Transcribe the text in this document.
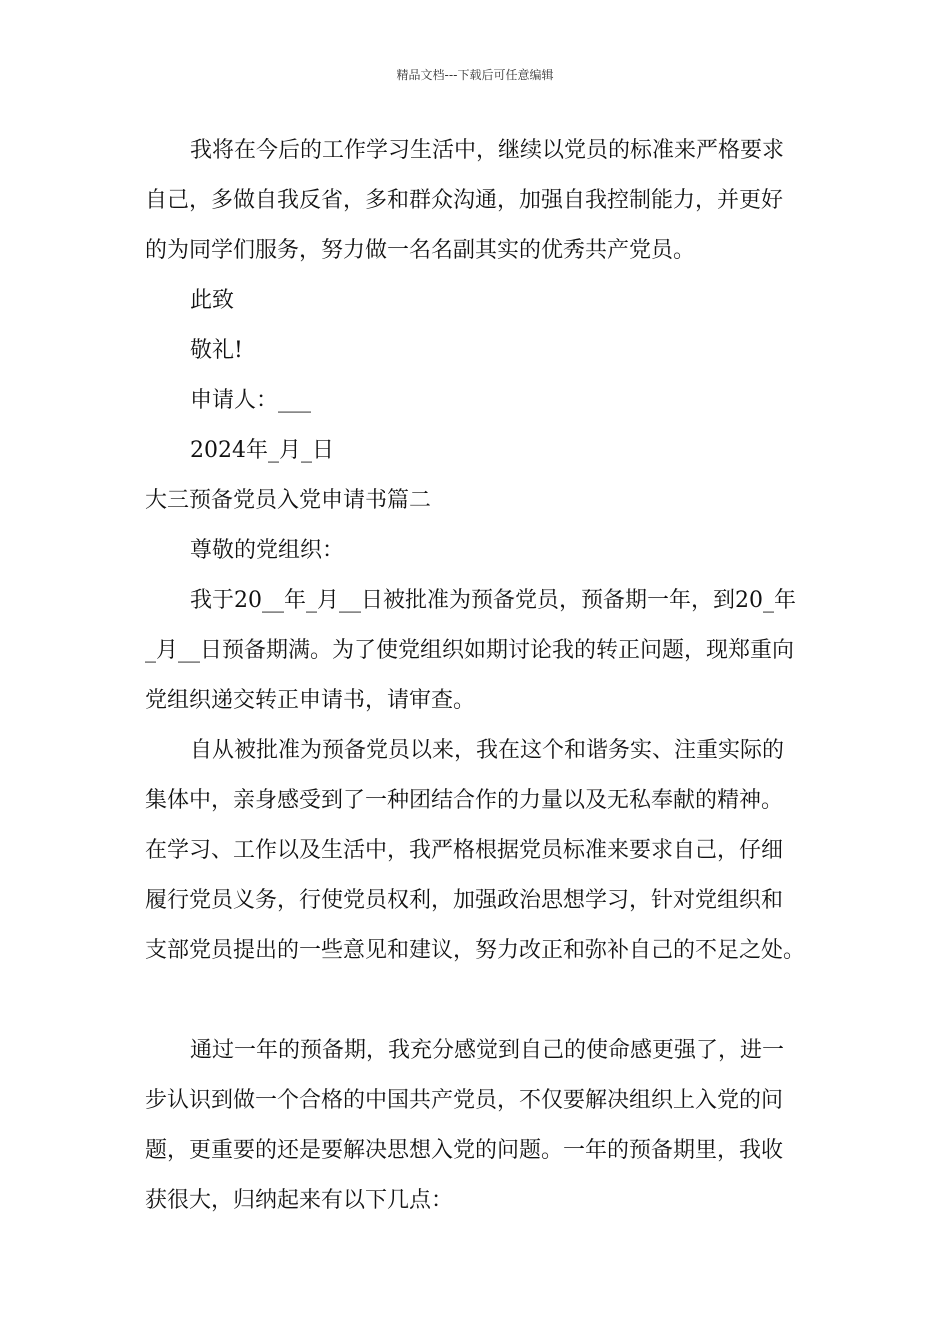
精品文档---下载后可任意编辑
我将在今后的工作学习生活中，继续以党员的标准来严格要求
自己，多做自我反省，多和群众沟通，加强自我控制能力，并更好
的为同学们服务，努力做一名名副其实的优秀共产党员。
此致
敬礼!
申请人：___
2024年_月_日
大三预备党员入党申请书篇二
尊敬的党组织：
我于20__年_月__日被批准为预备党员，预备期一年，到20_年
_月__日预备期满。为了使党组织如期讨论我的转正问题，现郑重向
党组织递交转正申请书，请审查。
自从被批准为预备党员以来，我在这个和谐务实、注重实际的
集体中，亲身感受到了一种团结合作的力量以及无私奉献的精神。
在学习、工作以及生活中，我严格根据党员标准来要求自己，仔细
履行党员义务，行使党员权利，加强政治思想学习，针对党组织和
支部党员提出的一些意见和建议，努力改正和弥补自己的不足之处。
通过一年的预备期，我充分感觉到自己的使命感更强了，进一
步认识到做一个合格的中国共产党员，不仅要解决组织上入党的问
题，更重要的还是要解决思想入党的问题。一年的预备期里，我收
获很大，归纳起来有以下几点：
